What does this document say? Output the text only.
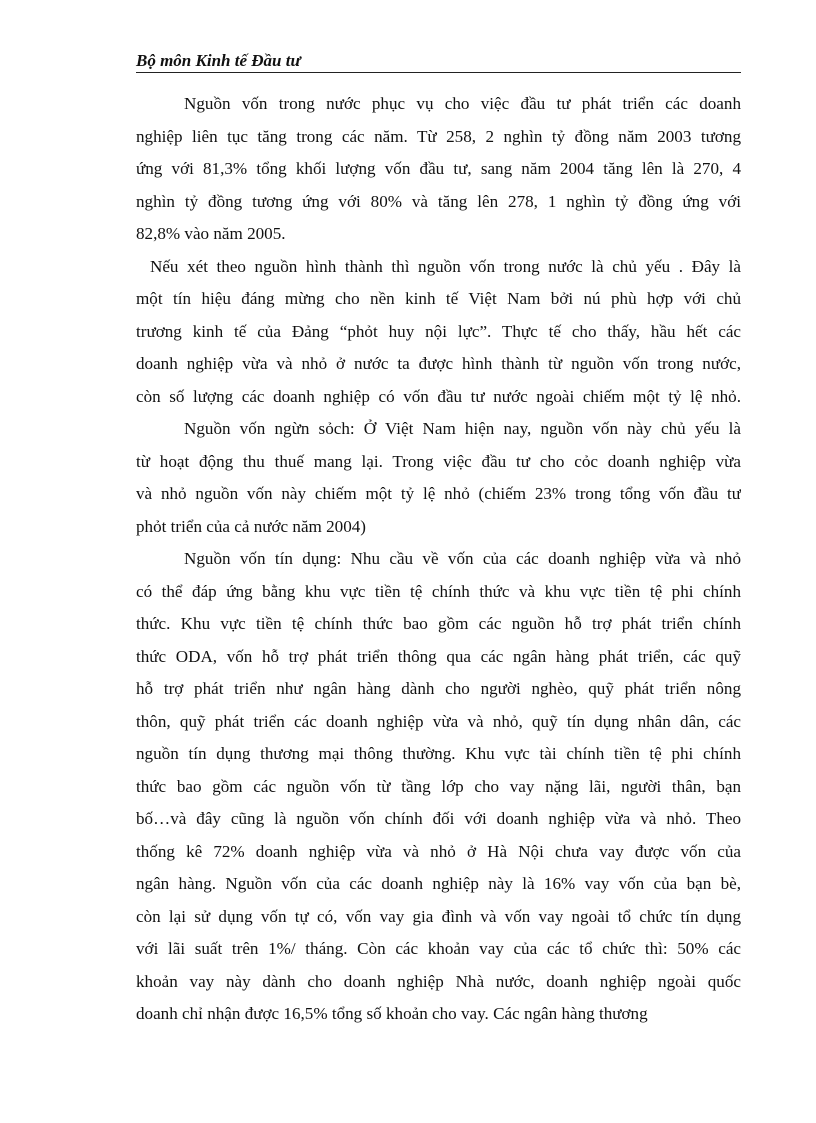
Bộ môn Kinh tế Đầu tư
Nguồn vốn trong nước phục vụ cho việc đầu tư phát triển các doanh
nghiệp liên tục tăng trong các năm. Từ 258, 2 nghìn tỷ đồng năm 2003 tương
ứng với 81,3% tổng khối lượng vốn đầu tư, sang năm 2004 tăng lên là 270, 4
nghìn tỷ đồng tương ứng với 80% và tăng lên 278, 1 nghìn tỷ đồng ứng với
82,8% vào năm 2005.
Nếu xét theo nguồn hình thành thì nguồn vốn trong nước là chủ yếu . Đây là
một tín hiệu đáng mừng cho nền kinh tế Việt Nam bởi nú phù hợp với chủ
trương kinh tế của Đảng “phỏt huy nội lực”. Thực tế cho thấy, hầu hết các
doanh nghiệp vừa và nhỏ ở nước ta được hình thành từ nguồn vốn trong nước,
còn số lượng các doanh nghiệp có vốn đầu tư nước ngoài chiếm một tỷ lệ nhỏ.
Nguồn vốn ngừn sỏch: Ở Việt Nam hiện nay, nguồn vốn này chủ yếu là
từ hoạt động thu thuế mang lại. Trong việc đầu tư cho cỏc doanh nghiệp vừa
và nhỏ nguồn vốn này chiếm một tỷ lệ nhỏ (chiếm 23% trong tổng vốn đầu tư
phỏt triển của cả nước năm 2004)
Nguồn vốn tín dụng: Nhu cầu về vốn của các doanh nghiệp vừa và nhỏ
có thể đáp ứng bằng khu vực tiền tệ chính thức và khu vực tiền tệ phi chính
thức. Khu vực tiền tệ chính thức bao gồm các nguồn hỗ trợ phát triển chính
thức ODA, vốn hỗ trợ phát triển thông qua các ngân hàng phát triển, các quỹ
hỗ trợ phát triển như ngân hàng dành cho người nghèo, quỹ phát triển nông
thôn, quỹ phát triển các doanh nghiệp vừa và nhỏ, quỹ tín dụng nhân dân, các
nguồn tín dụng thương mại thông thường. Khu vực tài chính tiền tệ phi chính
thức bao gồm các nguồn vốn từ tầng lớp cho vay nặng lãi, người thân, bạn
bố…và đây cũng là nguồn vốn chính đối với doanh nghiệp vừa và nhỏ. Theo
thống kê 72% doanh nghiệp vừa và nhỏ ở Hà Nội chưa vay được vốn của
ngân hàng. Nguồn vốn của các doanh nghiệp này là 16% vay vốn của bạn bè,
còn lại sử dụng vốn tự có, vốn vay gia đình và vốn vay ngoài tổ chức tín dụng
với lãi suất trên 1%/ tháng. Còn các khoản vay của các tổ chức thì: 50% các
khoản vay này dành cho doanh nghiệp Nhà nước, doanh nghiệp ngoài quốc
doanh chỉ nhận được 16,5% tổng số khoản cho vay. Các ngân hàng thương
